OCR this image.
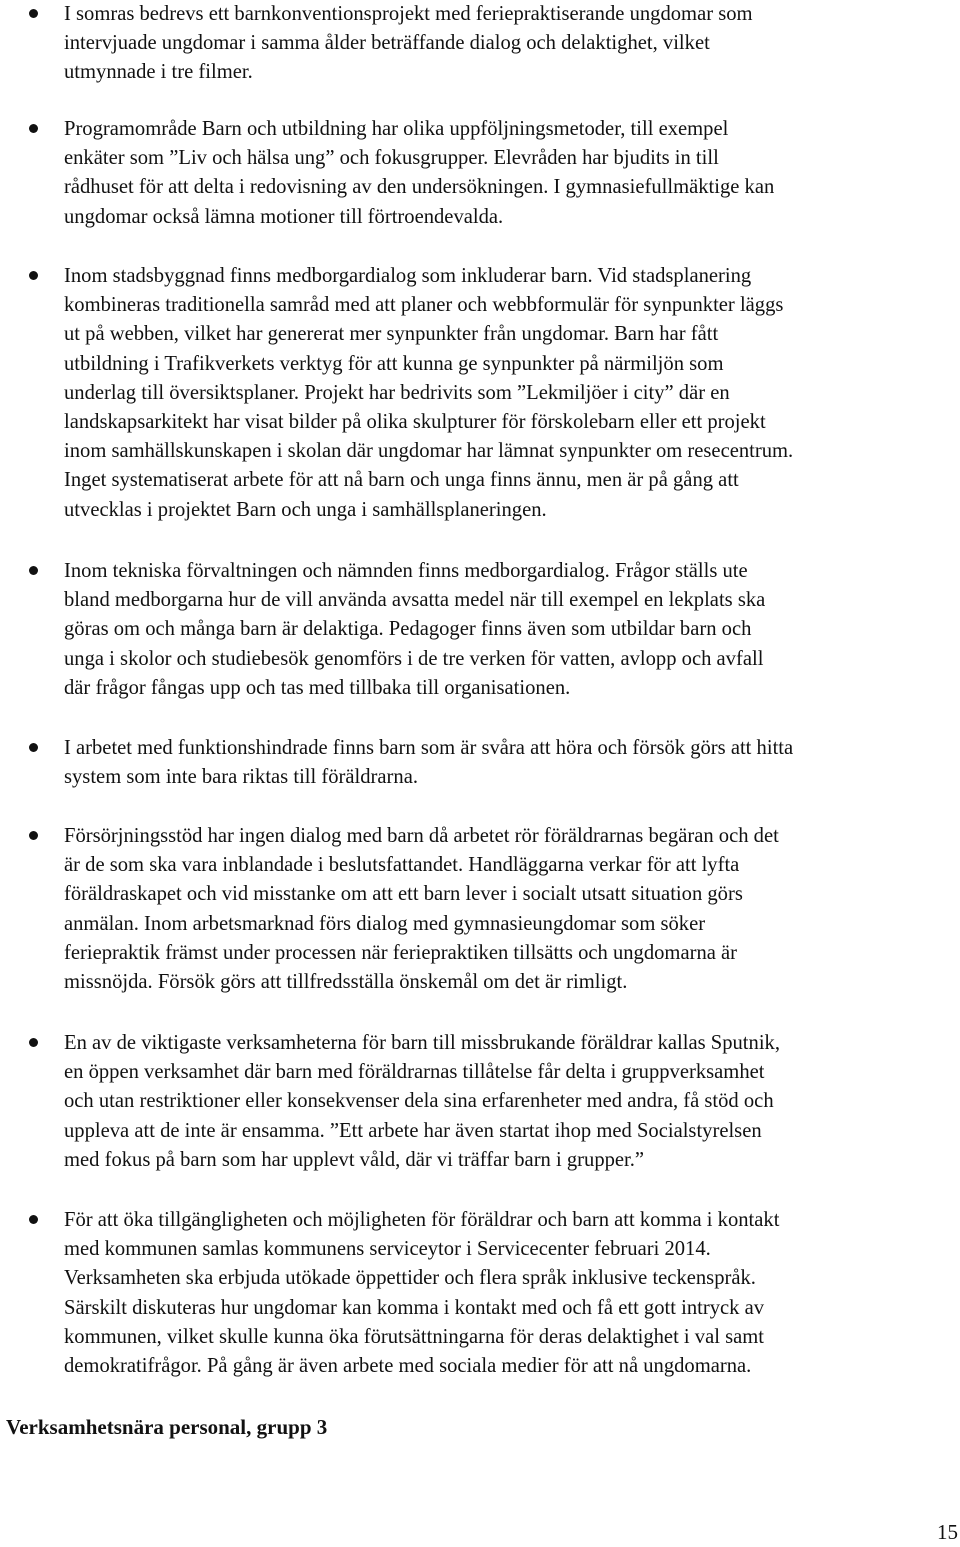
I somras bedrevs ett barnkonventionsprojekt med feriepraktiserande ungdomar som
intervjuade ungdomar i samma ålder beträffande dialog och delaktighet, vilket
utmynnade i tre filmer.

Programområde Barn och utbildning har olika uppföljningsmetoder, till exempel
enkäter som ”Liv och hälsa ung” och fokusgrupper. Elevråden har bjudits in till
rådhuset för att delta i redovisning av den undersökningen. I gymnasiefullmäktige kan
ungdomar också lämna motioner till förtroendevalda.

Inom stadsbyggnad finns medborgardialog som inkluderar barn. Vid stadsplanering
kombineras traditionella samråd med att planer och webbformulär för synpunkter läggs
ut på webben, vilket har genererat mer synpunkter från ungdomar. Barn har fått
utbildning i Trafikverkets verktyg för att kunna ge synpunkter på närmiljön som
underlag till översiktsplaner. Projekt har bedrivits som ”Lekmiljöer i city” där en
landskapsarkitekt har visat bilder på olika skulpturer för förskolebarn eller ett projekt
inom samhällskunskapen i skolan där ungdomar har lämnat synpunkter om resecentrum.
Inget systematiserat arbete för att nå barn och unga finns ännu, men är på gång att
utvecklas i projektet Barn och unga i samhällsplaneringen.

Inom tekniska förvaltningen och nämnden finns medborgardialog. Frågor ställs ute
bland medborgarna hur de vill använda avsatta medel när till exempel en lekplats ska
göras om och många barn är delaktiga. Pedagoger finns även som utbildar barn och
unga i skolor och studiebesök genomförs i de tre verken för vatten, avlopp och avfall
där frågor fångas upp och tas med tillbaka till organisationen.

I arbetet med funktionshindrade finns barn som är svåra att höra och försök görs att hitta
system som inte bara riktas till föräldrarna.

Försörjningsstöd har ingen dialog med barn då arbetet rör föräldrarnas begäran och det
är de som ska vara inblandade i beslutsfattandet. Handläggarna verkar för att lyfta
föräldraskapet och vid misstanke om att ett barn lever i socialt utsatt situation görs
anmälan. Inom arbetsmarknad förs dialog med gymnasieungdomar som söker
feriepraktik främst under processen när feriepraktiken tillsätts och ungdomarna är
missnöjda. Försök görs att tillfredsställa önskemål om det är rimligt.

En av de viktigaste verksamheterna för barn till missbrukande föräldrar kallas Sputnik,
en öppen verksamhet där barn med föräldrarnas tillåtelse får delta i gruppverksamhet
och utan restriktioner eller konsekvenser dela sina erfarenheter med andra, få stöd och
uppleva att de inte är ensamma. ”Ett arbete har även startat ihop med Socialstyrelsen
med fokus på barn som har upplevt våld, där vi träffar barn i grupper.”

För att öka tillgängligheten och möjligheten för föräldrar och barn att komma i kontakt
med kommunen samlas kommunens serviceytor i Servicecenter februari 2014.
Verksamheten ska erbjuda utökade öppettider och flera språk inklusive teckenspråk.
Särskilt diskuteras hur ungdomar kan komma i kontakt med och få ett gott intryck av
kommunen, vilket skulle kunna öka förutsättningarna för deras delaktighet i val samt
demokratifrågor. På gång är även arbete med sociala medier för att nå ungdomarna.

Verksamhetsnära personal, grupp 3
15
